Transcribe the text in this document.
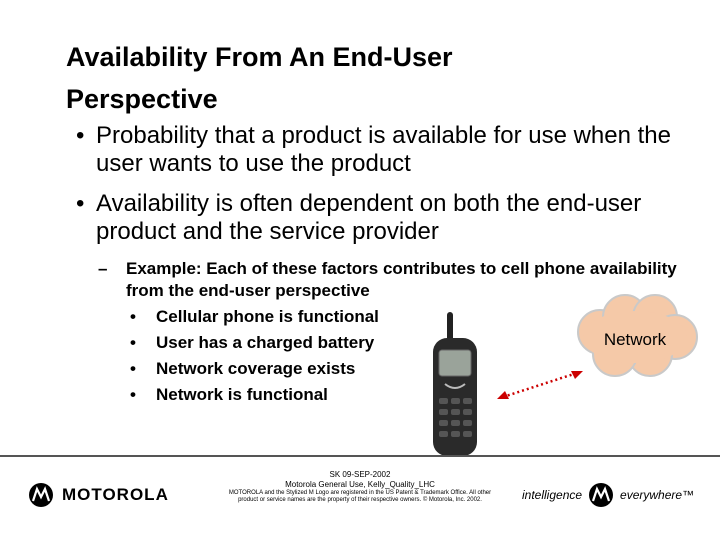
Availability From An End-User
Perspective
• Probability that a product is available for use when the user wants to use the product
• Availability is often dependent on both the end-user product and the service provider
– Example: Each of these factors contributes to cell phone availability from the end-user perspective
• Cellular phone is functional
• User has a charged battery
• Network coverage exists
• Network is functional
Network
MOTOROLA
SK 09-SEP-2002
Motorola General Use, Kelly_Quality_LHC
MOTOROLA and the Stylized M Logo are registered in the US Patent & Trademark Office. All other
product or service names are the property of their respective owners. © Motorola, Inc. 2002.	intelligence	everywhere™
